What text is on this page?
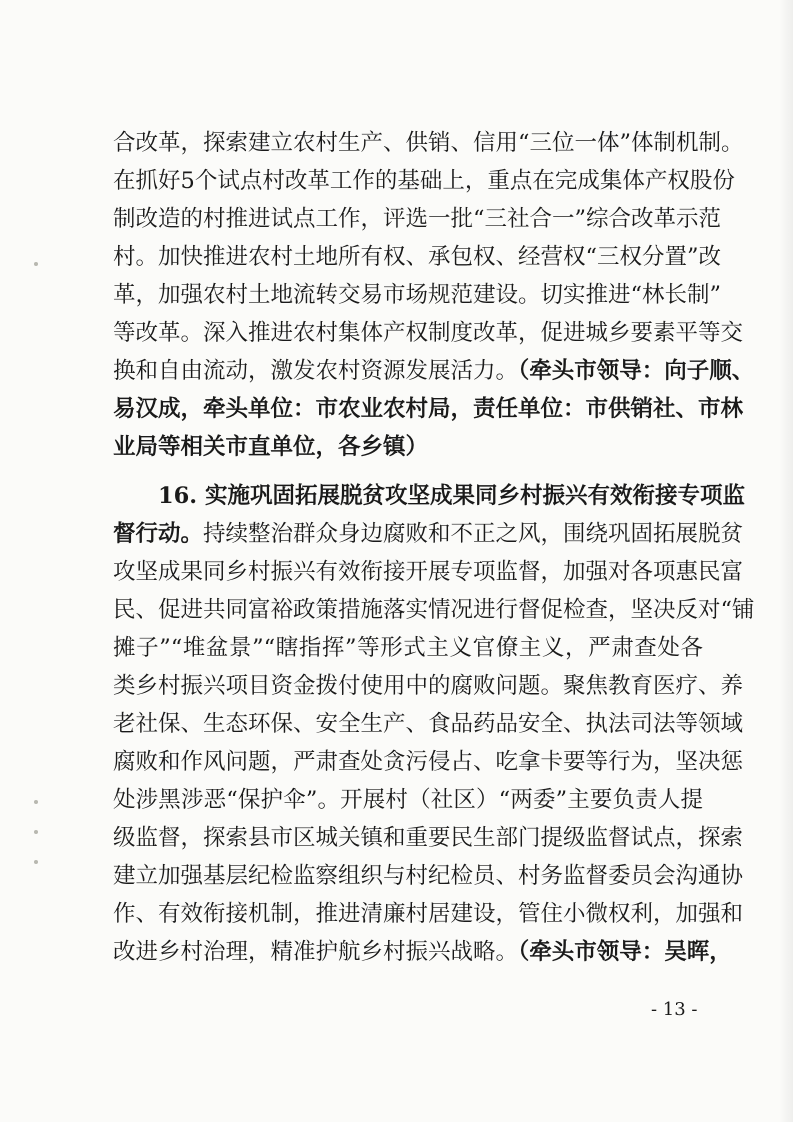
合改革，探索建立农村生产、供销、信用“三位一体”体制机制。
在抓好5个试点村改革工作的基础上，重点在完成集体产权股份
制改造的村推进试点工作，评选一批“三社合一”综合改革示范
村。加快推进农村土地所有权、承包权、经营权“三权分置”改
革，加强农村土地流转交易市场规范建设。切实推进“林长制”
等改革。深入推进农村集体产权制度改革，促进城乡要素平等交
换和自由流动，激发农村资源发展活力。（牵头市领导：向子顺、
易汉成，牵头单位：市农业农村局，责任单位：市供销社、市林
业局等相关市直单位，各乡镇）
16. 实施巩固拓展脱贫攻坚成果同乡村振兴有效衔接专项监
督行动。持续整治群众身边腐败和不正之风，围绕巩固拓展脱贫
攻坚成果同乡村振兴有效衔接开展专项监督，加强对各项惠民富
民、促进共同富裕政策措施落实情况进行督促检查，坚决反对“铺
摊子”“堆盆景”“瞎指挥”等形式主义官僚主义，严肃查处各
类乡村振兴项目资金拨付使用中的腐败问题。聚焦教育医疗、养
老社保、生态环保、安全生产、食品药品安全、执法司法等领域
腐败和作风问题，严肃查处贪污侵占、吃拿卡要等行为，坚决惩
处涉黑涉恶“保护伞”。开展村（社区）“两委”主要负责人提
级监督，探索县市区城关镇和重要民生部门提级监督试点，探索
建立加强基层纪检监察组织与村纪检员、村务监督委员会沟通协
作、有效衔接机制，推进清廉村居建设，管住小微权利，加强和
改进乡村治理，精准护航乡村振兴战略。（牵头市领导：吴晖，
- 13 -
